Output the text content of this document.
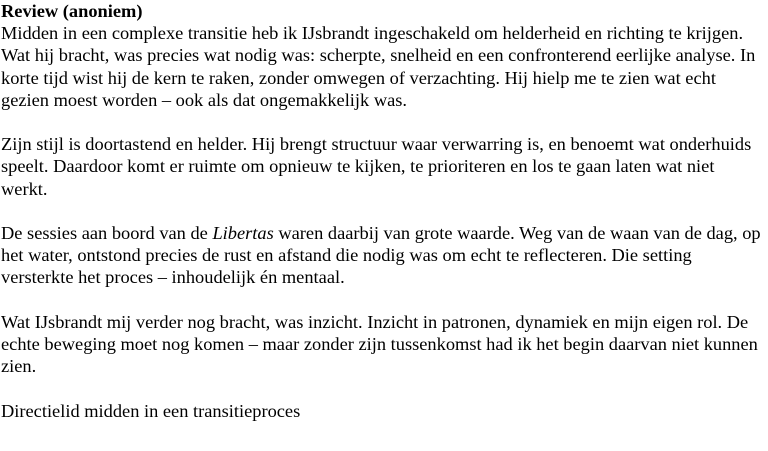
Review (anoniem)

Midden in een complexe transitie heb ik IJsbrandt ingeschakeld om helderheid en richting te krijgen. Wat hij bracht, was precies wat nodig was: scherpte, snelheid en een confronterend eerlijke analyse. In korte tijd wist hij de kern te raken, zonder omwegen of verzachting. Hij hielp me te zien wat echt gezien moest worden – ook als dat ongemakkelijk was.

Zijn stijl is doortastend en helder. Hij brengt structuur waar verwarring is, en benoemt wat onderhuids speelt. Daardoor komt er ruimte om opnieuw te kijken, te prioriteren en los te gaan laten wat niet werkt.

De sessies aan boord van de Libertas waren daarbij van grote waarde. Weg van de waan van de dag, op het water, ontstond precies de rust en afstand die nodig was om echt te reflecteren. Die setting versterkte het proces – inhoudelijk én mentaal.

Wat IJsbrandt mij verder nog bracht, was inzicht. Inzicht in patronen, dynamiek en mijn eigen rol. De echte beweging moet nog komen – maar zonder zijn tussenkomst had ik het begin daarvan niet kunnen zien.

Directielid midden in een transitieproces
